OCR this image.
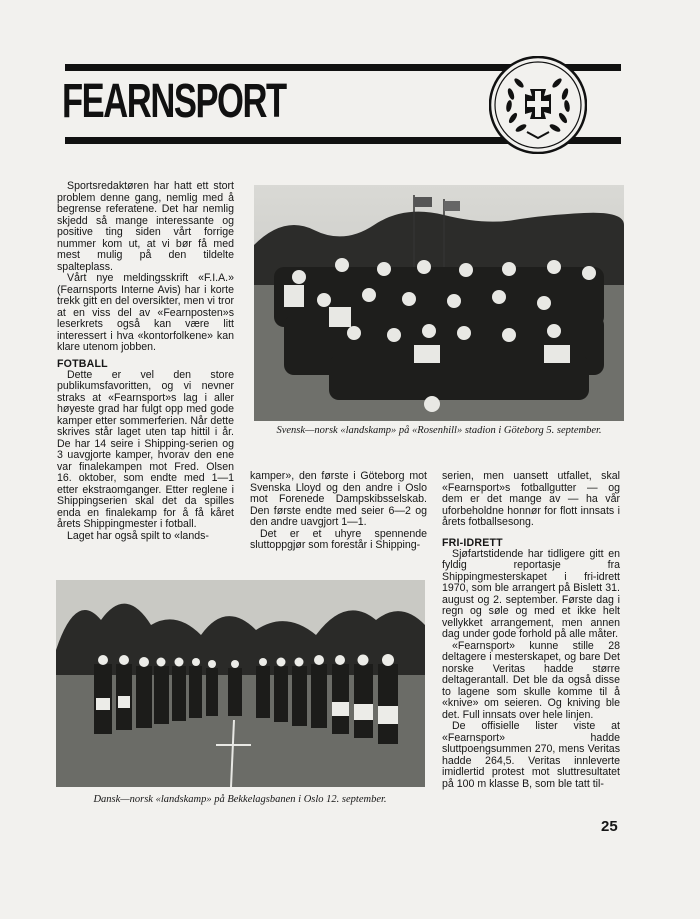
FEARNSPORT

Sportsredaktøren har hatt ett stort problem denne gang, nemlig med å begrense referatene. Det har nemlig skjedd så mange interessante og positive ting siden vårt forrige nummer kom ut, at vi bør få med mest mulig på den tildelte spalteplass.

Vårt nye meldingsskrift «F.I.A.» (Fearnsports Interne Avis) har i korte trekk gitt en del oversikter, men vi tror at en viss del av «Fearnposten»s leserkrets også kan være litt interessert i hva «kontorfolkene» kan klare utenom jobben.

FOTBALL

Dette er vel den store publikumsfavoritten, og vi nevner straks at «Fearnsport»s lag i aller høyeste grad har fulgt opp med gode kamper etter sommerferien. Når dette skrives står laget uten tap hittil i år. De har 14 seire i Shipping-serien og 3 uavgjorte kamper, hvorav den ene var finalekampen mot Fred. Olsen 16. oktober, som endte med 1—1 etter ekstraomganger. Etter reglene i Shippingserien skal det da spilles enda en finalekamp for å få kåret årets Shippingmester i fotball.

Laget har også spilt to «lands-

Svensk—norsk «landskamp» på «Rosenhill» stadion i Göteborg 5. september.

kamper», den første i Göteborg mot Svenska Lloyd og den andre i Oslo mot Forenede Dampskibsselskab. Den første endte med seier 6—2 og den andre uavgjort 1—1.

Det er et uhyre spennende sluttoppgjør som forestår i Shipping-

serien, men uansett utfallet, skal «Fearnsport»s fotballgutter — og dem er det mange av — ha vår uforbeholdne honnør for flott innsats i årets fotballsesong.

FRI-IDRETT

Sjøfartstidende har tidligere gitt en fyldig reportasje fra Shippingmesterskapet i fri-idrett 1970, som ble arrangert på Bislett 31. august og 2. september. Første dag i regn og søle og med et ikke helt vellykket arrangement, men annen dag under gode forhold på alle måter.

«Fearnsport» kunne stille 28 deltagere i mesterskapet, og bare Det norske Veritas hadde større deltagerantall. Det ble da også disse to lagene som skulle komme til å «knive» om seieren. Og kniving ble det. Full innsats over hele linjen.

De offisielle lister viste at «Fearnsport» hadde sluttpoengsummen 270, mens Veritas hadde 264,5. Veritas innleverte imidlertid protest mot sluttresultatet på 100 m klasse B, som ble tatt til-

Dansk—norsk «landskamp» på Bekkelagsbanen i Oslo 12. september.
25
